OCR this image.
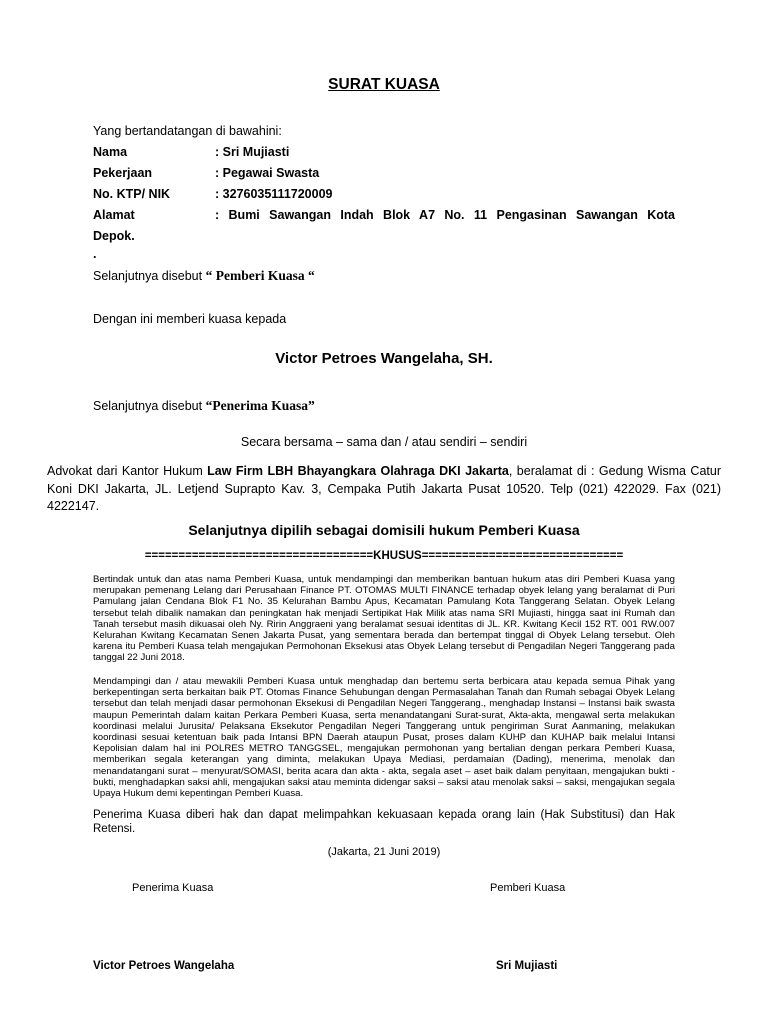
SURAT KUASA
Yang bertandatangan di bawahini:
Nama	: Sri Mujiasti
Pekerjaan	: Pegawai Swasta
No. KTP/ NIK	: 3276035111720009
Alamat	: Bumi Sawangan Indah Blok A7 No. 11 Pengasinan Sawangan Kota
Depok.
.
Selanjutnya disebut “ Pemberi Kuasa “
Dengan ini memberi kuasa kepada
Victor Petroes Wangelaha, SH.
Selanjutnya disebut “Penerima Kuasa”
Secara bersama – sama dan / atau sendiri – sendiri
Advokat dari Kantor Hukum Law Firm LBH Bhayangkara Olahraga DKI Jakarta, beralamat di : Gedung Wisma Catur Koni DKI Jakarta, JL. Letjend Suprapto Kav. 3, Cempaka Putih Jakarta Pusat 10520. Telp (021) 422029. Fax (021) 4222147.
Selanjutnya dipilih sebagai domisili hukum Pemberi Kuasa
==================================KHUSUS==============================
Bertindak untuk dan atas nama Pemberi Kuasa, untuk mendampingi dan memberikan bantuan hukum atas diri Pemberi Kuasa yang merupakan pemenang Lelang dari Perusahaan Finance PT. OTOMAS MULTI FINANCE terhadap obyek lelang yang beralamat di Puri Pamulang jalan Cendana Blok F1 No. 35 Kelurahan Bambu Apus, Kecamatan Pamulang Kota Tanggerang Selatan. Obyek Lelang tersebut telah dibalik namakan dan peningkatan hak menjadi Sertipikat Hak Milik atas nama SRI Mujiasti, hingga saat ini Rumah dan Tanah tersebut masih dikuasai oleh Ny. Ririn Anggraeni yang beralamat sesuai identitas di JL. KR. Kwitang Kecil 152 RT. 001 RW.007 Kelurahan Kwitang Kecamatan Senen Jakarta Pusat, yang sementara berada dan bertempat tinggal di Obyek Lelang tersebut. Oleh karena itu Pemberi Kuasa telah mengajukan Permohonan Eksekusi atas Obyek Lelang tersebut di Pengadilan Negeri Tanggerang pada tanggal 22 Juni 2018.
Mendampingi dan / atau mewakili Pemberi Kuasa untuk menghadap dan bertemu serta berbicara atau kepada semua Pihak yang berkepentingan serta berkaitan baik PT. Otomas Finance Sehubungan dengan Permasalahan Tanah dan Rumah sebagai Obyek Lelang tersebut dan telah menjadi dasar permohonan Eksekusi di Pengadilan Negeri Tanggerang., menghadap Instansi – Instansi baik swasta maupun Pemerintah dalam kaitan Perkara Pemberi Kuasa, serta menandatangani Surat-surat, Akta-akta, mengawal serta melakukan koordinasi melalui Jurusita/ Pelaksana Eksekutor Pengadilan Negeri Tanggerang untuk pengiriman Surat Aanmaning, melakukan koordinasi sesuai ketentuan baik pada Intansi BPN Daerah ataupun Pusat, proses dalam KUHP dan KUHAP baik melalui Intansi Kepolisian dalam hal ini POLRES METRO TANGGSEL, mengajukan permohonan yang bertalian dengan perkara Pemberi Kuasa, memberikan segala keterangan yang diminta, melakukan Upaya Mediasi, perdamaian (Dading), menerima, menolak dan menandatangani surat – menyurat/SOMASI, berita acara dan akta - akta, segala aset – aset baik dalam penyitaan, mengajukan bukti - bukti, menghadapkan saksi ahli, mengajukan saksi atau meminta didengar saksi – saksi atau menolak saksi – saksi, mengajukan segala Upaya Hukum demi kepentingan Pemberi Kuasa.
Penerima Kuasa diberi hak dan dapat melimpahkan kekuasaan kepada orang lain (Hak Substitusi) dan Hak Retensi.
(Jakarta, 21 Juni 2019)
Penerima Kuasa	Pemberi Kuasa
Victor Petroes Wangelaha	Sri Mujiasti
